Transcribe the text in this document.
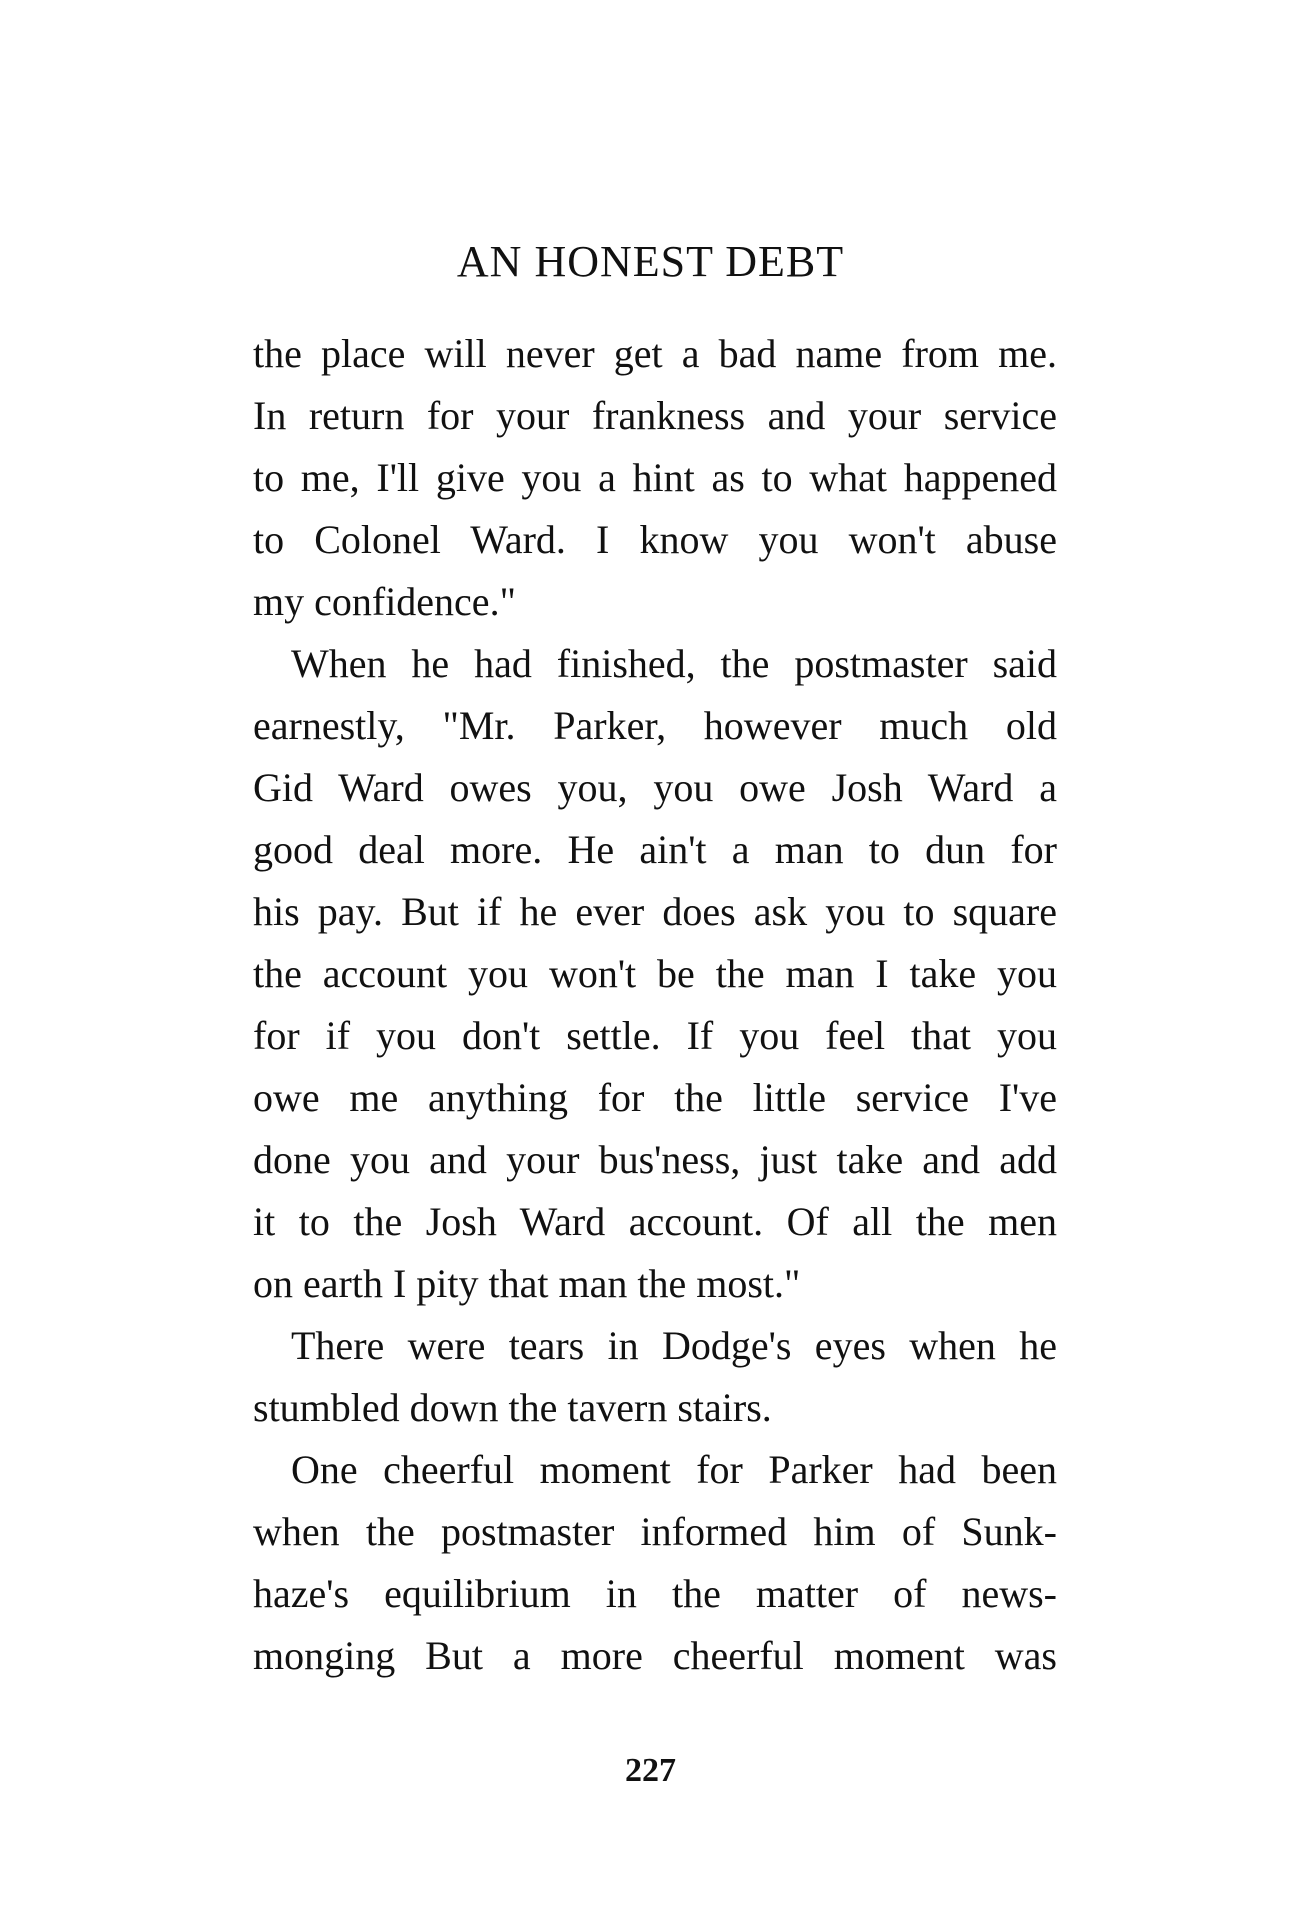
AN HONEST DEBT
the place will never get a bad name from me.
In return for your frankness and your service
to me, I'll give you a hint as to what happened
to Colonel Ward. I know you won't abuse
my confidence."
When he had finished, the postmaster said
earnestly, "Mr. Parker, however much old
Gid Ward owes you, you owe Josh Ward a
good deal more. He ain't a man to dun for
his pay. But if he ever does ask you to square
the account you won't be the man I take you
for if you don't settle. If you feel that you
owe me anything for the little service I've
done you and your bus'ness, just take and add
it to the Josh Ward account. Of all the men
on earth I pity that man the most."
There were tears in Dodge's eyes when he
stumbled down the tavern stairs.
One cheerful moment for Parker had been
when the postmaster informed him of Sunk-
haze's equilibrium in the matter of news-
monging But a more cheerful moment was
227
